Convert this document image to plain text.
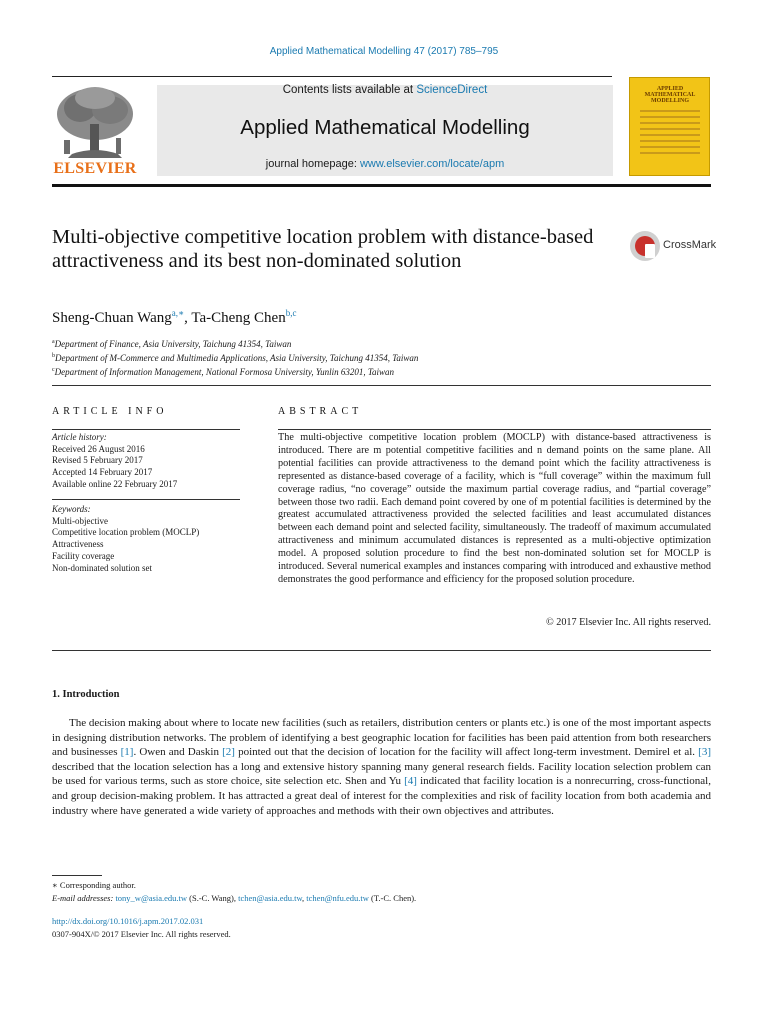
Applied Mathematical Modelling 47 (2017) 785–795
ELSEVIER
Contents lists available at ScienceDirect
Applied Mathematical Modelling
journal homepage: www.elsevier.com/locate/apm
APPLIED MATHEMATICAL MODELLING
Multi-objective competitive location problem with distance-based attractiveness and its best non-dominated solution
CrossMark
Sheng-Chuan Wang$^{a,∗}$, Ta-Cheng Chen$^{b,c}$
$^a$Department of Finance, Asia University, Taichung 41354, Taiwan
$^b$Department of M-Commerce and Multimedia Applications, Asia University, Taichung 41354, Taiwan
$^c$Department of Information Management, National Formosa University, Yunlin 63201, Taiwan
ARTICLE INFO	ABSTRACT
Article history:
Received 26 August 2016
Revised 5 February 2017
Accepted 14 February 2017
Available online 22 February 2017
Keywords:
Multi-objective
Competitive location problem (MOCLP)
Attractiveness
Facility coverage
Non-dominated solution set
The multi-objective competitive location problem (MOCLP) with distance-based attractiveness is introduced. There are m potential competitive facilities and n demand points on the same plane. All potential facilities can provide attractiveness to the demand point which the facility attractiveness is represented as distance-based coverage of a facility, which is “full coverage” within the maximum full coverage radius, “no coverage” outside the maximum partial coverage radius, and “partial coverage” between those two radii. Each demand point covered by one of m potential facilities is determined by the greatest accumulated attractiveness provided the selected facilities and least accumulated distances between each demand point and selected facility, simultaneously. The tradeoff of maximum accumulated attractiveness and minimum accumulated distances is represented as a multi-objective optimization model. A proposed solution procedure to find the best non-dominated solution set for MOCLP is introduced. Several numerical examples and instances comparing with introduced and exhaustive method demonstrates the good performance and efficiency for the proposed solution procedure.
© 2017 Elsevier Inc. All rights reserved.
1. Introduction
The decision making about where to locate new facilities (such as retailers, distribution centers or plants etc.) is one of the most important aspects in designing distribution networks. The problem of identifying a best geographic location for facilities has been paid attention from both researchers and businesses [1]. Owen and Daskin [2] pointed out that the decision of location for the facility will affect long-term investment. Demirel et al. [3] described that the location selection has a long and extensive history spanning many general research fields. Facility location selection problem can be used for various terms, such as store choice, site selection etc. Shen and Yu [4] indicated that facility location is a nonrecurring, cross-functional, and group decision-making problem. It has attracted a great deal of interest for the complexities and risk of facility location from both academia and industry where have generated a wide variety of approaches and methods with their own objectives and attributes.
∗ Corresponding author.
E-mail addresses: tony_w@asia.edu.tw (S.-C. Wang), tchen@asia.edu.tw, tchen@nfu.edu.tw (T.-C. Chen).
http://dx.doi.org/10.1016/j.apm.2017.02.031
0307-904X/© 2017 Elsevier Inc. All rights reserved.
